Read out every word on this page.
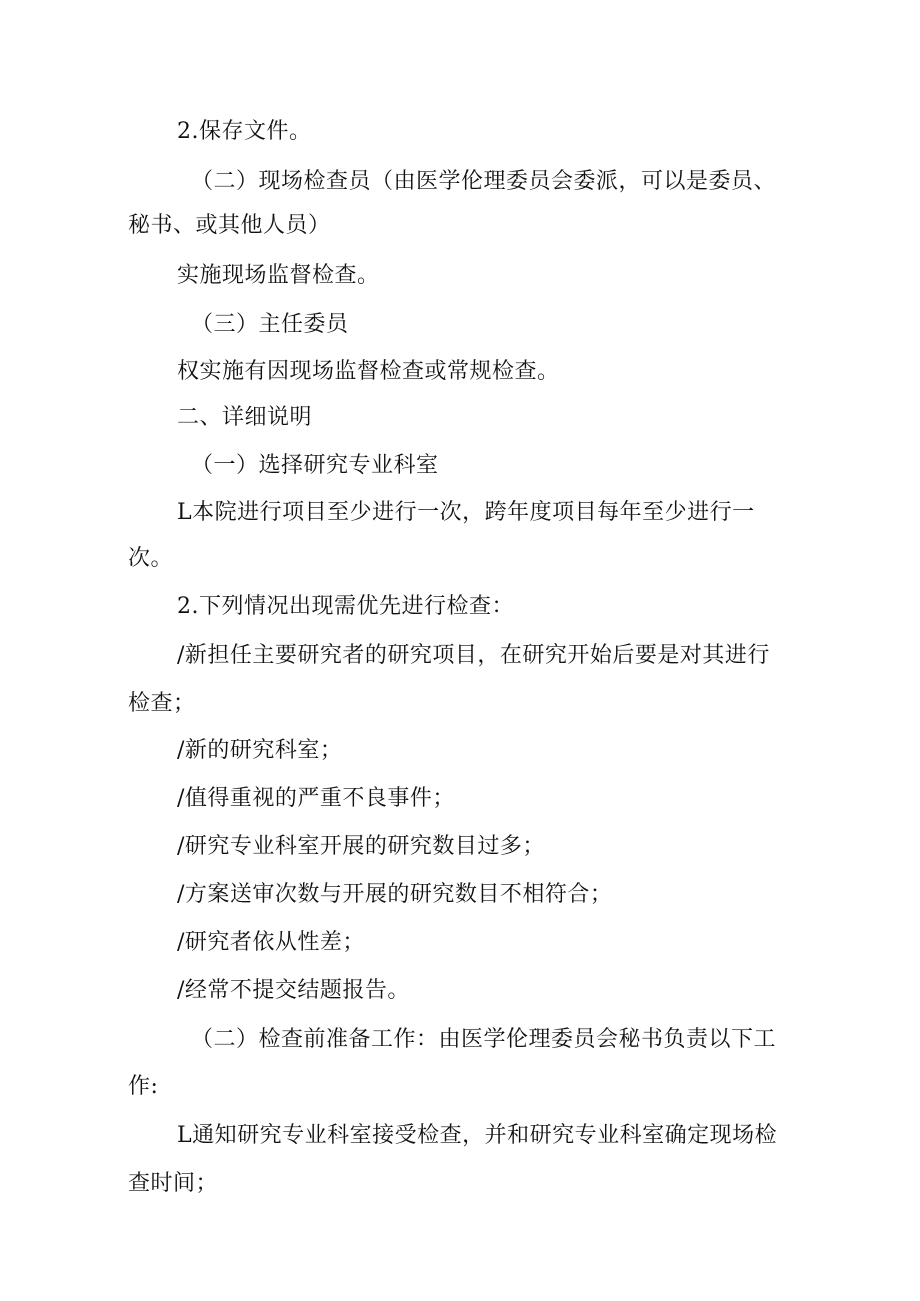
2.保存文件。
（二）现场检查员（由医学伦理委员会委派，可以是委员、
秘书、或其他人员）
实施现场监督检查。
（三）主任委员
权实施有因现场监督检查或常规检查。
二、详细说明
（一）选择研究专业科室
L本院进行项目至少进行一次，跨年度项目每年至少进行一
次。
2.下列情况出现需优先进行检查：
/新担任主要研究者的研究项目，在研究开始后要是对其进行
检查；
/新的研究科室；
/值得重视的严重不良事件；
/研究专业科室开展的研究数目过多；
/方案送审次数与开展的研究数目不相符合；
/研究者依从性差；
/经常不提交结题报告。
（二）检查前准备工作：由医学伦理委员会秘书负责以下工
作:
L通知研究专业科室接受检查，并和研究专业科室确定现场检
查时间；
